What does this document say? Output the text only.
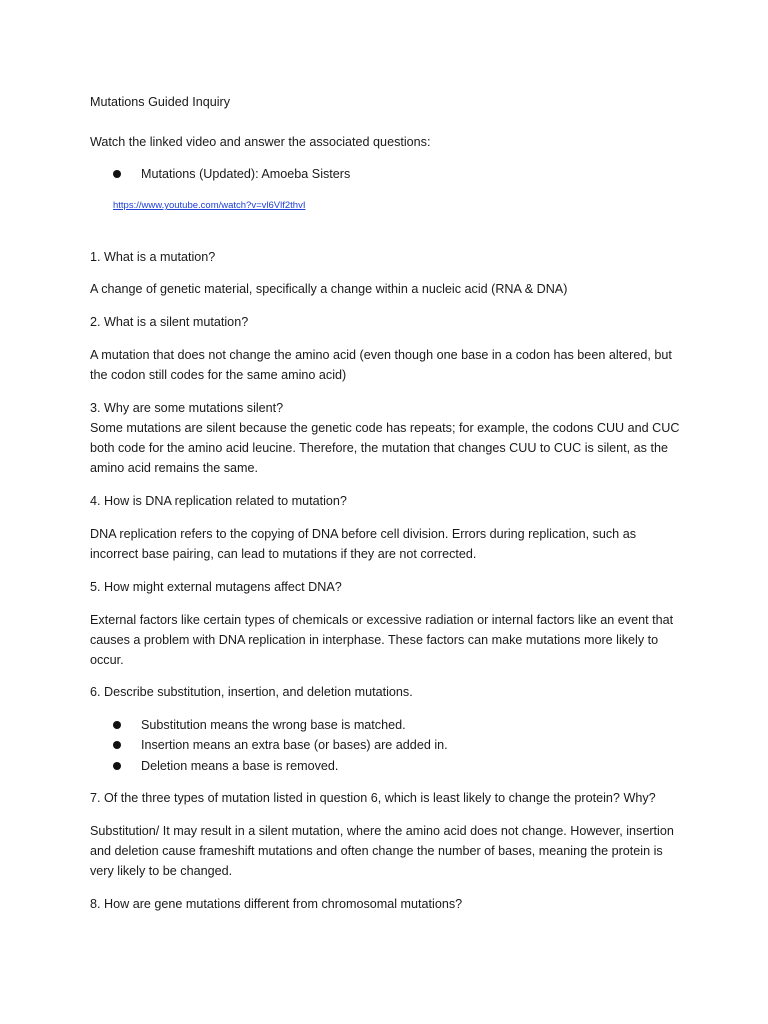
Mutations Guided Inquiry

Watch the linked video and answer the associated questions:

Mutations (Updated): Amoeba Sisters
https://www.youtube.com/watch?v=vl6Vlf2thvI

1. What is a mutation?

A change of genetic material, specifically a change within a nucleic acid (RNA & DNA)

2. What is a silent mutation?

A mutation that does not change the amino acid (even though one base in a codon has been altered, but the codon still codes for the same amino acid)

3. Why are some mutations silent?

Some mutations are silent because the genetic code has repeats; for example, the codons CUU and CUC both code for the amino acid leucine. Therefore, the mutation that changes CUU to CUC is silent, as the amino acid remains the same.

4. How is DNA replication related to mutation?

DNA replication refers to the copying of DNA before cell division. Errors during replication, such as incorrect base pairing, can lead to mutations if they are not corrected.

5. How might external mutagens affect DNA?

External factors like certain types of chemicals or excessive radiation or internal factors like an event that causes a problem with DNA replication in interphase. These factors can make mutations more likely to occur.

6. Describe substitution, insertion, and deletion mutations.

Substitution means the wrong base is matched.
Insertion means an extra base (or bases) are added in.
Deletion means a base is removed.

7. Of the three types of mutation listed in question 6, which is least likely to change the protein? Why?

Substitution/ It may result in a silent mutation, where the amino acid does not change. However, insertion and deletion cause frameshift mutations and often change the number of bases, meaning the protein is very likely to be changed.

8. How are gene mutations different from chromosomal mutations?
